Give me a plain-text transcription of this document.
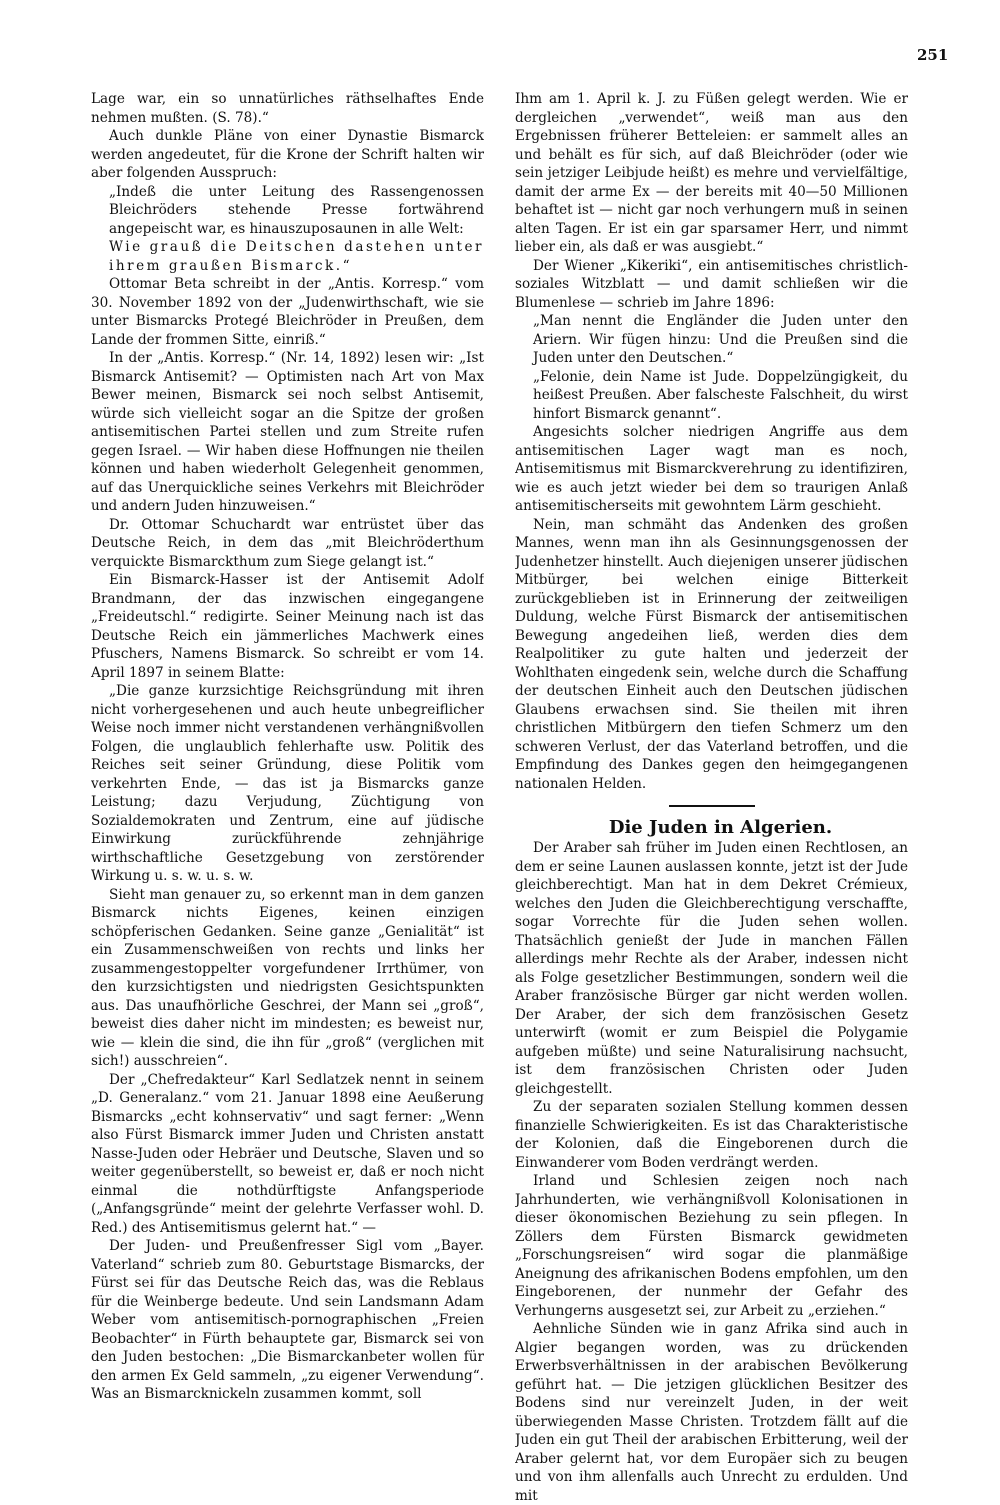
251

Lage war, ein so unnatürliches räthselhaftes Ende nehmen mußten. (S. 78).“

Auch dunkle Pläne von einer Dynastie Bismarck werden angedeutet, für die Krone der Schrift halten wir aber folgenden Ausspruch:

„Indeß die unter Leitung des Rassengenossen Bleichröders stehende Presse fortwährend angepeischt war, es hinauszuposaunen in alle Welt:

Wie grauß die Deitschen dastehen unter ihrem graußen Bismarck.“

Ottomar Beta schreibt in der „Antis. Korresp.“ vom 30. November 1892 von der „Judenwirthschaft, wie sie unter Bismarcks Protegé Bleichröder in Preußen, dem Lande der frommen Sitte, einriß.“

In der „Antis. Korresp.“ (Nr. 14, 1892) lesen wir: „Ist Bismarck Antisemit? — Optimisten nach Art von Max Bewer meinen, Bismarck sei noch selbst Antisemit, würde sich vielleicht sogar an die Spitze der großen antisemitischen Partei stellen und zum Streite rufen gegen Israel. — Wir haben diese Hoffnungen nie theilen können und haben wiederholt Gelegenheit genommen, auf das Unerquickliche seines Verkehrs mit Bleichröder und andern Juden hinzuweisen.“

Dr. Ottomar Schuchardt war entrüstet über das Deutsche Reich, in dem das „mit Bleichröderthum verquickte Bismarckthum zum Siege gelangt ist.“

Ein Bismarck-Hasser ist der Antisemit Adolf Brandmann, der das inzwischen eingegangene „Freideutschl.“ redigirte. Seiner Meinung nach ist das Deutsche Reich ein jämmerliches Machwerk eines Pfuschers, Namens Bismarck. So schreibt er vom 14. April 1897 in seinem Blatte:

„Die ganze kurzsichtige Reichsgründung mit ihren nicht vorhergesehenen und auch heute unbegreiflicher Weise noch immer nicht verstandenen verhängnißvollen Folgen, die unglaublich fehlerhafte usw. Politik des Reiches seit seiner Gründung, diese Politik vom verkehrten Ende, — das ist ja Bismarcks ganze Leistung; dazu Verjudung, Züchtigung von Sozialdemokraten und Zentrum, eine auf jüdische Einwirkung zurückführende zehnjährige wirthschaftliche Gesetzgebung von zerstörender Wirkung u. s. w. u. s. w.

Sieht man genauer zu, so erkennt man in dem ganzen Bismarck nichts Eigenes, keinen einzigen schöpferischen Gedanken. Seine ganze „Genialität“ ist ein Zusammenschweißen von rechts und links her zusammengestoppelter vorgefundener Irrthümer, von den kurzsichtigsten und niedrigsten Gesichtspunkten aus. Das unaufhörliche Geschrei, der Mann sei „groß“, beweist dies daher nicht im mindesten; es beweist nur, wie — klein die sind, die ihn für „groß“ (verglichen mit sich!) ausschreien“.

Der „Chefredakteur“ Karl Sedlatzek nennt in seinem „D. Generalanz.“ vom 21. Januar 1898 eine Aeußerung Bismarcks „echt kohnservativ“ und sagt ferner: „Wenn also Fürst Bismarck immer Juden und Christen anstatt Nasse-Juden oder Hebräer und Deutsche, Slaven und so weiter gegenüberstellt, so beweist er, daß er noch nicht einmal die nothdürftigste Anfangsperiode („Anfangsgründe“ meint der gelehrte Verfasser wohl. D. Red.) des Antisemitismus gelernt hat.“ —

Der Juden- und Preußenfresser Sigl vom „Bayer. Vaterland“ schrieb zum 80. Geburtstage Bismarcks, der Fürst sei für das Deutsche Reich das, was die Reblaus für die Weinberge bedeute. Und sein Landsmann Adam Weber vom antisemitisch-pornographischen „Freien Beobachter“ in Fürth behauptete gar, Bismarck sei von den Juden bestochen: „Die Bismarckanbeter wollen für den armen Ex Geld sammeln, „zu eigener Verwendung“. Was an Bismarcknickeln zusammen kommt, soll

Ihm am 1. April k. J. zu Füßen gelegt werden. Wie er dergleichen „verwendet“, weiß man aus den Ergebnissen früherer Betteleien: er sammelt alles an und behält es für sich, auf daß Bleichröder (oder wie sein jetziger Leibjude heißt) es mehre und vervielfältige, damit der arme Ex — der bereits mit 40—50 Millionen behaftet ist — nicht gar noch verhungern muß in seinen alten Tagen. Er ist ein gar sparsamer Herr, und nimmt lieber ein, als daß er was ausgiebt.“

Der Wiener „Kikeriki“, ein antisemitisches christlich-soziales Witzblatt — und damit schließen wir die Blumenlese — schrieb im Jahre 1896:

„Man nennt die Engländer die Juden unter den Ariern. Wir fügen hinzu: Und die Preußen sind die Juden unter den Deutschen.“

„Felonie, dein Name ist Jude. Doppelzüngigkeit, du heißest Preußen. Aber falscheste Falschheit, du wirst hinfort Bismarck genannt“.

Angesichts solcher niedrigen Angriffe aus dem antisemitischen Lager wagt man es noch, Antisemitismus mit Bismarckverehrung zu identifiziren, wie es auch jetzt wieder bei dem so traurigen Anlaß antisemitischerseits mit gewohntem Lärm geschieht.

Nein, man schmäht das Andenken des großen Mannes, wenn man ihn als Gesinnungsgenossen der Judenhetzer hinstellt. Auch diejenigen unserer jüdischen Mitbürger, bei welchen einige Bitterkeit zurückgeblieben ist in Erinnerung der zeitweiligen Duldung, welche Fürst Bismarck der antisemitischen Bewegung angedeihen ließ, werden dies dem Realpolitiker zu gute halten und jederzeit der Wohlthaten eingedenk sein, welche durch die Schaffung der deutschen Einheit auch den Deutschen jüdischen Glaubens erwachsen sind. Sie theilen mit ihren christlichen Mitbürgern den tiefen Schmerz um den schweren Verlust, der das Vaterland betroffen, und die Empfindung des Dankes gegen den heimgegangenen nationalen Helden.

Die Juden in Algerien.

Der Araber sah früher im Juden einen Rechtlosen, an dem er seine Launen auslassen konnte, jetzt ist der Jude gleichberechtigt. Man hat in dem Dekret Crémieux, welches den Juden die Gleichberechtigung verschaffte, sogar Vorrechte für die Juden sehen wollen. Thatsächlich genießt der Jude in manchen Fällen allerdings mehr Rechte als der Araber, indessen nicht als Folge gesetzlicher Bestimmungen, sondern weil die Araber französische Bürger gar nicht werden wollen. Der Araber, der sich dem französischen Gesetz unterwirft (womit er zum Beispiel die Polygamie aufgeben müßte) und seine Naturalisirung nachsucht, ist dem französischen Christen oder Juden gleichgestellt.

Zu der separaten sozialen Stellung kommen dessen finanzielle Schwierigkeiten. Es ist das Charakteristische der Kolonien, daß die Eingeborenen durch die Einwanderer vom Boden verdrängt werden.

Irland und Schlesien zeigen noch nach Jahrhunderten, wie verhängnißvoll Kolonisationen in dieser ökonomischen Beziehung zu sein pflegen. In Zöllers dem Fürsten Bismarck gewidmeten „Forschungsreisen“ wird sogar die planmäßige Aneignung des afrikanischen Bodens empfohlen, um den Eingeborenen, der nunmehr der Gefahr des Verhungerns ausgesetzt sei, zur Arbeit zu „erziehen.“

Aehnliche Sünden wie in ganz Afrika sind auch in Algier begangen worden, was zu drückenden Erwerbsverhältnissen in der arabischen Bevölkerung geführt hat. — Die jetzigen glücklichen Besitzer des Bodens sind nur vereinzelt Juden, in der weit überwiegenden Masse Christen. Trotzdem fällt auf die Juden ein gut Theil der arabischen Erbitterung, weil der Araber gelernt hat, vor dem Europäer sich zu beugen und von ihm allenfalls auch Unrecht zu erdulden. Und mit
